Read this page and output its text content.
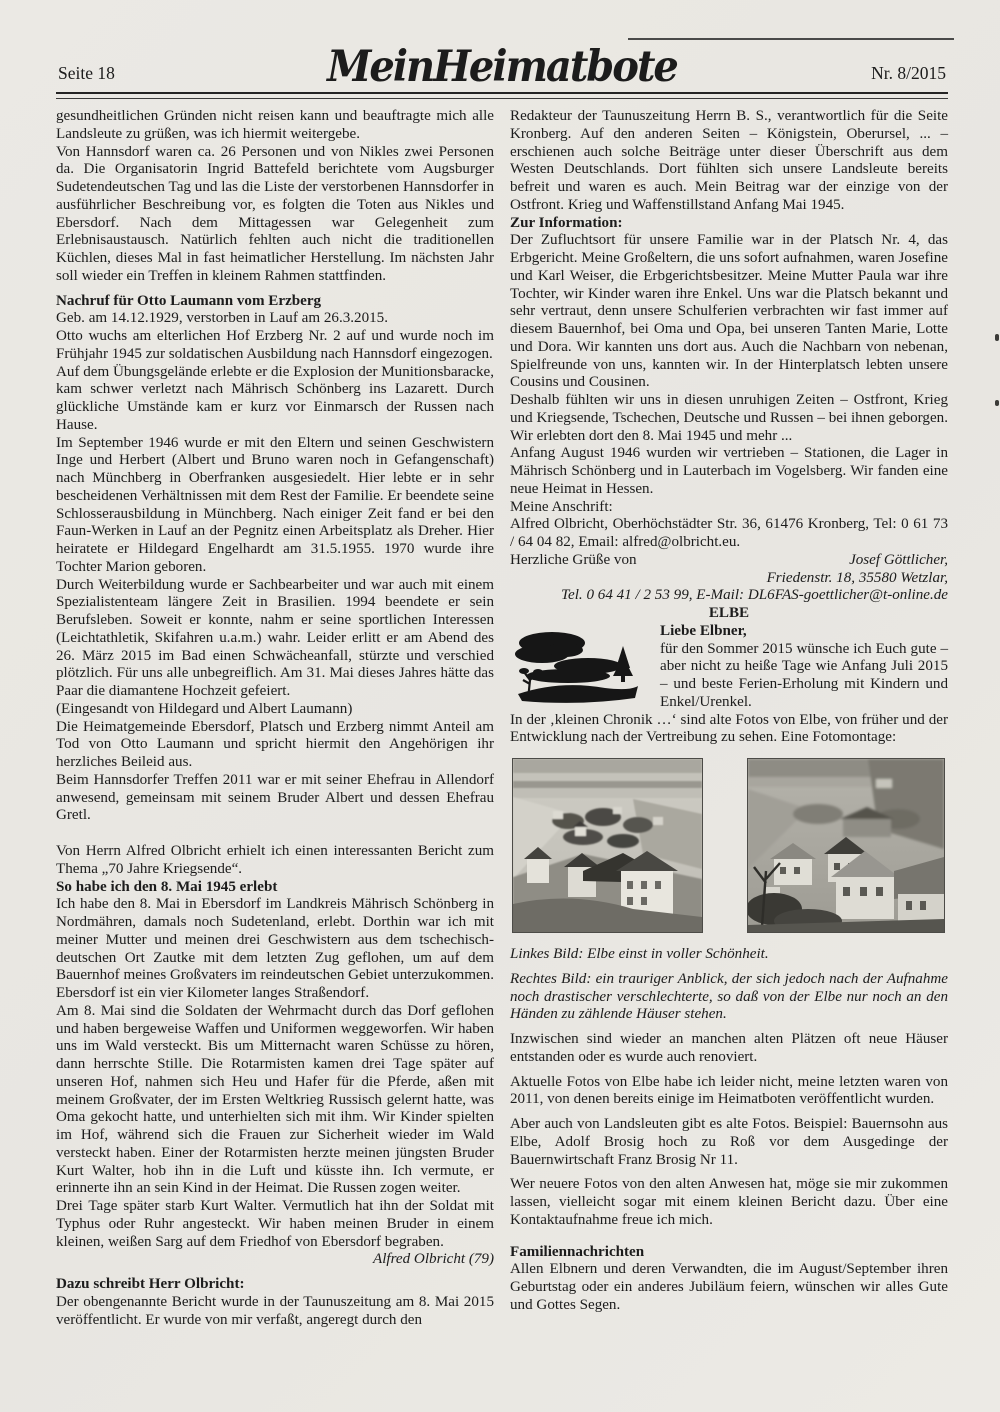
Seite 18	MeinHeimatbote	Nr. 8/2015

gesundheitlichen Gründen nicht reisen kann und beauftragte mich alle Landsleute zu grüßen, was ich hiermit weitergebe.

Von Hannsdorf waren ca. 26 Personen und von Nikles zwei Personen da. Die Organisatorin Ingrid Battefeld berichtete vom Augsburger Sudetendeutschen Tag und las die Liste der verstorbenen Hannsdorfer in ausführlicher Beschreibung vor, es folgten die Toten aus Nikles und Ebersdorf. Nach dem Mittagessen war Gelegenheit zum Erlebnisaustausch. Natürlich fehlten auch nicht die traditionellen Küchlen, dieses Mal in fast heimatlicher Herstellung. Im nächsten Jahr soll wieder ein Treffen in kleinem Rahmen stattfinden.

Nachruf für Otto Laumann vom Erzberg

Geb. am 14.12.1929, verstorben in Lauf am 26.3.2015.

Otto wuchs am elterlichen Hof Erzberg Nr. 2 auf und wurde noch im Frühjahr 1945 zur soldatischen Ausbildung nach Hannsdorf eingezogen.

Auf dem Übungsgelände erlebte er die Explosion der Munitionsbaracke, kam schwer verletzt nach Mährisch Schönberg ins Lazarett. Durch glückliche Umstände kam er kurz vor Einmarsch der Russen nach Hause.

Im September 1946 wurde er mit den Eltern und seinen Geschwistern Inge und Herbert (Albert und Bruno waren noch in Gefangenschaft) nach Münchberg in Oberfranken ausgesiedelt. Hier lebte er in sehr bescheidenen Verhältnissen mit dem Rest der Familie. Er beendete seine Schlosserausbildung in Münchberg. Nach einiger Zeit fand er bei den Faun-Werken in Lauf an der Pegnitz einen Arbeitsplatz als Dreher. Hier heiratete er Hildegard Engelhardt am 31.5.1955. 1970 wurde ihre Tochter Marion geboren.

Durch Weiterbildung wurde er Sachbearbeiter und war auch mit einem Spezialistenteam längere Zeit in Brasilien. 1994 beendete er sein Berufsleben. Soweit er konnte, nahm er seine sportlichen Interessen (Leichtathletik, Skifahren u.a.m.) wahr. Leider erlitt er am Abend des 26. März 2015 im Bad einen Schwächeanfall, stürzte und verschied plötzlich. Für uns alle unbegreiflich. Am 31. Mai dieses Jahres hätte das Paar die diamantene Hochzeit gefeiert.

(Eingesandt von Hildegard und Albert Laumann)

Die Heimatgemeinde Ebersdorf, Platsch und Erzberg nimmt Anteil am Tod von Otto Laumann und spricht hiermit den Angehörigen ihr herzliches Beileid aus.

Beim Hannsdorfer Treffen 2011 war er mit seiner Ehefrau in Allendorf anwesend, gemeinsam mit seinem Bruder Albert und dessen Ehefrau Gretl.

Von Herrn Alfred Olbricht erhielt ich einen interessanten Bericht zum Thema „70 Jahre Kriegsende“.

So habe ich den 8. Mai 1945 erlebt

Ich habe den 8. Mai in Ebersdorf im Landkreis Mährisch Schönberg in Nordmähren, damals noch Sudetenland, erlebt. Dorthin war ich mit meiner Mutter und meinen drei Geschwistern aus dem tschechisch-deutschen Ort Zautke mit dem letzten Zug geflohen, um auf dem Bauernhof meines Großvaters im reindeutschen Gebiet unterzukommen. Ebersdorf ist ein vier Kilometer langes Straßendorf.

Am 8. Mai sind die Soldaten der Wehrmacht durch das Dorf geflohen und haben bergeweise Waffen und Uniformen weggeworfen. Wir haben uns im Wald versteckt. Bis um Mitternacht waren Schüsse zu hören, dann herrschte Stille. Die Rotarmisten kamen drei Tage später auf unseren Hof, nahmen sich Heu und Hafer für die Pferde, aßen mit meinem Großvater, der im Ersten Weltkrieg Russisch gelernt hatte, was Oma gekocht hatte, und unterhielten sich mit ihm. Wir Kinder spielten im Hof, während sich die Frauen zur Sicherheit wieder im Wald versteckt haben. Einer der Rotarmisten herzte meinen jüngsten Bruder Kurt Walter, hob ihn in die Luft und küsste ihn. Ich vermute, er erinnerte ihn an sein Kind in der Heimat. Die Russen zogen weiter.

Drei Tage später starb Kurt Walter. Vermutlich hat ihn der Soldat mit Typhus oder Ruhr angesteckt. Wir haben meinen Bruder in einem kleinen, weißen Sarg auf dem Friedhof von Ebersdorf begraben.

Alfred Olbricht (79)

Dazu schreibt Herr Olbricht:

Der obengenannte Bericht wurde in der Taunuszeitung am 8. Mai 2015 veröffentlicht. Er wurde von mir verfaßt, angeregt durch den

Redakteur der Taunuszeitung Herrn B. S., verantwortlich für die Seite Kronberg. Auf den anderen Seiten – Königstein, Oberursel, ... – erschienen auch solche Beiträge unter dieser Überschrift aus dem Westen Deutschlands. Dort fühlten sich unsere Landsleute bereits befreit und waren es auch. Mein Beitrag war der einzige von der Ostfront. Krieg und Waffenstillstand Anfang Mai 1945.

Zur Information:

Der Zufluchtsort für unsere Familie war in der Platsch Nr. 4, das Erbgericht. Meine Großeltern, die uns sofort aufnahmen, waren Josefine und Karl Weiser, die Erbgerichtsbesitzer. Meine Mutter Paula war ihre Tochter, wir Kinder waren ihre Enkel. Uns war die Platsch bekannt und sehr vertraut, denn unsere Schulferien verbrachten wir fast immer auf diesem Bauernhof, bei Oma und Opa, bei unseren Tanten Marie, Lotte und Dora. Wir kannten uns dort aus. Auch die Nachbarn von nebenan, Spielfreunde von uns, kannten wir. In der Hinterplatsch lebten unsere Cousins und Cousinen.

Deshalb fühlten wir uns in diesen unruhigen Zeiten – Ostfront, Krieg und Kriegsende, Tschechen, Deutsche und Russen – bei ihnen geborgen. Wir erlebten dort den 8. Mai 1945 und mehr ...

Anfang August 1946 wurden wir vertrieben – Stationen, die Lager in Mährisch Schönberg und in Lauterbach im Vogelsberg. Wir fanden eine neue Heimat in Hessen.

Meine Anschrift:

Alfred Olbricht, Oberhöchstädter Str. 36, 61476 Kronberg, Tel: 0 61 73 / 64 04 82, Email: alfred@olbricht.eu.

Herzliche Grüße von	Josef Göttlicher,

Friedenstr. 18, 35580 Wetzlar,

Tel. 0 64 41 / 2 53 99, E-Mail: DL6FAS-goettlicher@t-online.de

ELBE

Liebe Elbner,

für den Sommer 2015 wünsche ich Euch gute – aber nicht zu heiße Tage wie Anfang Juli 2015 – und beste Ferien-Erholung mit Kindern und Enkel/Urenkel.

In der ‚kleinen Chronik …‘ sind alte Fotos von Elbe, von früher und der Entwicklung nach der Vertreibung zu sehen. Eine Fotomontage:

Linkes Bild: Elbe einst in voller Schönheit.

Rechtes Bild: ein trauriger Anblick, der sich jedoch nach der Aufnahme noch drastischer verschlechterte, so daß von der Elbe nur noch an den Händen zu zählende Häuser stehen.

Inzwischen sind wieder an manchen alten Plätzen oft neue Häuser entstanden oder es wurde auch renoviert.

Aktuelle Fotos von Elbe habe ich leider nicht, meine letzten waren von 2011, von denen bereits einige im Heimatboten veröffentlicht wurden.

Aber auch von Landsleuten gibt es alte Fotos. Beispiel: Bauernsohn aus Elbe, Adolf Brosig hoch zu Roß vor dem Ausgedinge der Bauernwirtschaft Franz Brosig Nr 11.

Wer neuere Fotos von den alten Anwesen hat, möge sie mir zukommen lassen, vielleicht sogar mit einem kleinen Bericht dazu. Über eine Kontaktaufnahme freue ich mich.

Familiennachrichten

Allen Elbnern und deren Verwandten, die im August/September ihren Geburtstag oder ein anderes Jubiläum feiern, wünschen wir alles Gute und Gottes Segen.
